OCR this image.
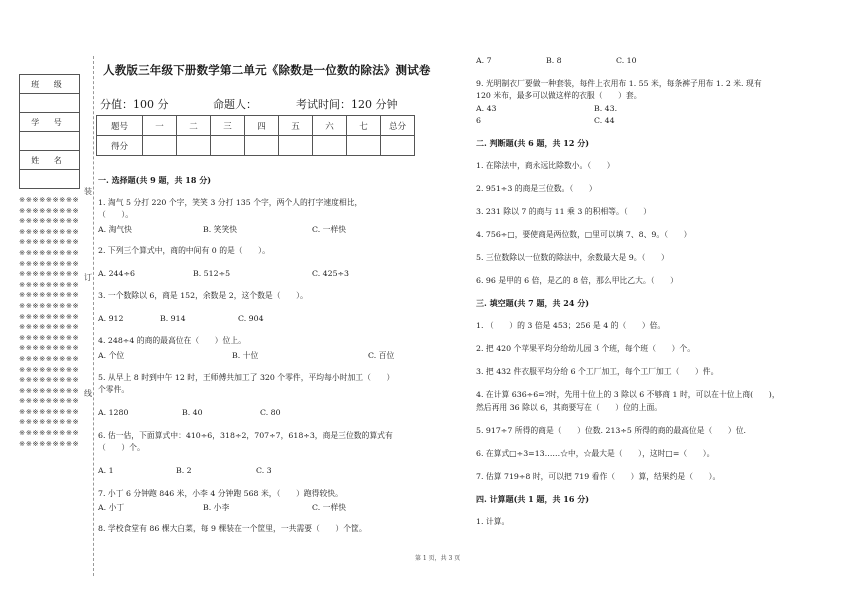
班 级

学 号

姓 名

※※※※※※※※※※※※※※※※※※※※※※※※※※※※※※※※※※※※※※※※※※※※※※※※※※※※※※※※※※※※※※※※※※※※※※※※※※※※※※※※※※※※※※※※※※※※※※※※※※※※※※※※※※※※※※※※※※※※※※※※※※※※※※※※※※※※※※※※※※※※※※※※※※※※※※※※※※※※※※※※※※※※※※※※※※※※※※※※※※※※※※※※※※※※※※※※※※※※※※※※※※※※※※※※※※※※※※※※
装
订
线
人教版三年级下册数学第二单元《除数是一位数的除法》测试卷
分值：100 分	命题人：	考试时间：120 分钟
题号	一	二	三	四	五	六	七	总分
得分								
一. 选择题(共 9 题，共 18 分)
1. 淘气 5 分打 220 个字，笑笑 3 分打 135 个字，两个人的打字速度相比，
（　　）。
A. 淘气快	B. 笑笑快	C. 一样快
2. 下列三个算式中，商的中间有 0 的是（　　）。
A. 244÷6	B. 512÷5	C. 425÷3
3. 一个数除以 6，商是 152，余数是 2，这个数是（　　）。
A. 912	B. 914	C. 904
4. 248÷4 的商的最高位在（　　）位上。
A. 个位	B. 十位	C. 百位
5. 从早上 8 时到中午 12 时，王师傅共加工了 320 个零件，平均每小时加工（　　）
个零件。
A. 1280	B. 40	C. 80
6. 估一估，下面算式中：410÷6，318÷2，707÷7，618÷3，商是三位数的算式有
（　　）个。
A. 1	B. 2	C. 3
7. 小丁 6 分钟跑 846 米，小李 4 分钟跑 568 米，（　　）跑得较快。
A. 小丁	B. 小李	C. 一样快
8. 学校食堂有 86 棵大白菜，每 9 棵装在一个筐里，一共需要（　　）个筐。
A. 7	B. 8	C. 10
9. 光明制衣厂要做一种套装，每件上衣用布 1. 55 米，每条裤子用布 1. 2 米. 现有
120 米布，最多可以做这样的衣服（　　）套。
A. 43	B. 43.
6	C. 44
二. 判断题(共 6 题，共 12 分)
1. 在除法中，商永远比除数小。（　　）
2. 951÷3 的商是三位数。（　　）
3. 231 除以 7 的商与 11 乘 3 的积相等。（　　）
4. 756÷□，要使商是两位数，□里可以填 7、8、9。（　　）
5. 三位数除以一位数的除法中，余数最大是 9。（　　）
6. 96 是甲的 6 倍，是乙的 8 倍，那么甲比乙大。（　　）
三. 填空题(共 7 题，共 24 分)
1. （　　）的 3 倍是 453；256 是 4 的（　　）倍。
2. 把 420 个苹果平均分给幼儿园 3 个班，每个班（　　）个。
3. 把 432 件衣服平均分给 6 个工厂加工，每个工厂加工（　　）件。
4. 在计算 636÷6=?时，先用十位上的 3 除以 6 不够商 1 时，可以在十位上商(　　)，
然后再用 36 除以 6，其商要写在（　　）位的上面。
5. 917÷7 所得的商是（　　）位数. 213÷5 所得的商的最高位是（　　）位.
6. 在算式□÷3=13……☆中，☆最大是（　　），这时□=（　　）。
7. 估算 719÷8 时，可以把 719 看作（　　）算，结果约是（　　）。
四. 计算题(共 1 题，共 16 分)
1. 计算。
第 1 页，共 3 页
